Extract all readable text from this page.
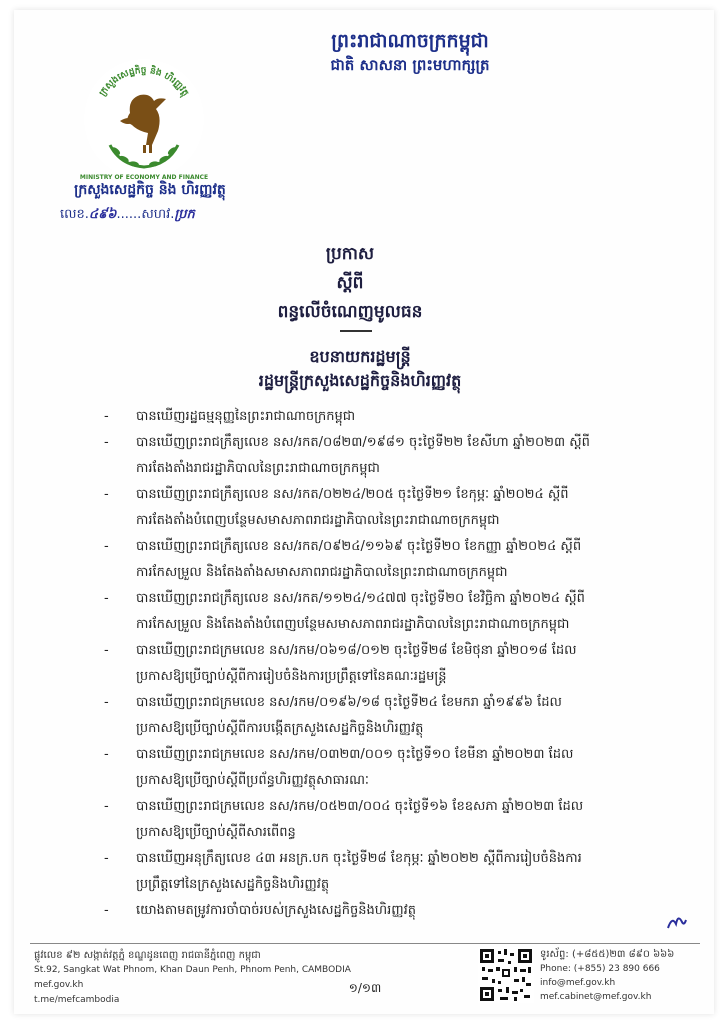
ព្រះរាជាណាចក្រកម្ពុជា
ជាតិ សាសនា ព្រះមហាក្សត្រ
ក្រសួងសេដ្ឋកិច្ច និង ហិរញ្ញវត្ថុ
MINISTRY OF ECONOMY AND FINANCE
ក្រសួងសេដ្ឋកិច្ច និង ហិរញ្ញវត្ថុ
លេខ.៤៩៦......សហវ.ប្រក
ប្រកាស
ស្តីពី
ពន្ធលើចំណេញមូលធន
ឧបនាយករដ្ឋមន្ត្រី
រដ្ឋមន្ត្រីក្រសួងសេដ្ឋកិច្ចនិងហិរញ្ញវត្ថុ
-	បានឃើញរដ្ឋធម្មនុញ្ញនៃព្រះរាជាណាចក្រកម្ពុជា
-	បានឃើញព្រះរាជក្រឹត្យលេខ នស/រកត/០៨២៣/១៩៨១ ចុះថ្ងៃទី២២ ខែសីហា ឆ្នាំ២០២៣ ស្តីពី
ការតែងតាំងរាជរដ្ឋាភិបាលនៃព្រះរាជាណាចក្រកម្ពុជា
-	បានឃើញព្រះរាជក្រឹត្យលេខ នស/រកត/០២២៤/២០៥ ចុះថ្ងៃទី២១ ខែកុម្ភៈ ឆ្នាំ២០២៤ ស្តីពី
ការតែងតាំងបំពេញបន្ថែមសមាសភាពរាជរដ្ឋាភិបាលនៃព្រះរាជាណាចក្រកម្ពុជា
-	បានឃើញព្រះរាជក្រឹត្យលេខ នស/រកត/០៩២៤/១១៦៩ ចុះថ្ងៃទី២០ ខែកញ្ញា ឆ្នាំ២០២៤ ស្តីពី
ការកែសម្រួល និងតែងតាំងសមាសភាពរាជរដ្ឋាភិបាលនៃព្រះរាជាណាចក្រកម្ពុជា
-	បានឃើញព្រះរាជក្រឹត្យលេខ នស/រកត/១១២៤/១៤៧៧ ចុះថ្ងៃទី២០ ខែវិច្ឆិកា ឆ្នាំ២០២៤ ស្តីពី
ការកែសម្រួល និងតែងតាំងបំពេញបន្ថែមសមាសភាពរាជរដ្ឋាភិបាលនៃព្រះរាជាណាចក្រកម្ពុជា
-	បានឃើញព្រះរាជក្រមលេខ នស/រកម/០៦១៨/០១២ ចុះថ្ងៃទី២៨ ខែមិថុនា ឆ្នាំ២០១៨ ដែល
ប្រកាសឱ្យប្រើច្បាប់ស្តីពីការរៀបចំនិងការប្រព្រឹត្តទៅនៃគណៈរដ្ឋមន្ត្រី
-	បានឃើញព្រះរាជក្រមលេខ នស/រកម/០១៩៦/១៨ ចុះថ្ងៃទី២៤ ខែមករា ឆ្នាំ១៩៩៦ ដែល
ប្រកាសឱ្យប្រើច្បាប់ស្តីពីការបង្កើតក្រសួងសេដ្ឋកិច្ចនិងហិរញ្ញវត្ថុ
-	បានឃើញព្រះរាជក្រមលេខ នស/រកម/០៣២៣/០០១ ចុះថ្ងៃទី១០ ខែមីនា ឆ្នាំ២០២៣ ដែល
ប្រកាសឱ្យប្រើច្បាប់ស្តីពីប្រព័ន្ធហិរញ្ញវត្ថុសាធារណៈ
-	បានឃើញព្រះរាជក្រមលេខ នស/រកម/០៥២៣/០០៤ ចុះថ្ងៃទី១៦ ខែឧសភា ឆ្នាំ២០២៣ ដែល
ប្រកាសឱ្យប្រើច្បាប់ស្តីពីសារពើពន្ធ
-	បានឃើញអនុក្រឹត្យលេខ ៤៣ អនក្រ.បក ចុះថ្ងៃទី២៨ ខែកុម្ភៈ ឆ្នាំ២០២២ ស្តីពីការរៀបចំនិងការ
ប្រព្រឹត្តទៅនៃក្រសួងសេដ្ឋកិច្ចនិងហិរញ្ញវត្ថុ
-	យោងតាមតម្រូវការចាំបាច់របស់ក្រសួងសេដ្ឋកិច្ចនិងហិរញ្ញវត្ថុ
ផ្លូវលេខ ៩២ សង្កាត់វត្តភ្នំ ខណ្ឌដូនពេញ រាជធានីភ្នំពេញ កម្ពុជា
St.92, Sangkat Wat Phnom, Khan Daun Penh, Phnom Penh, CAMBODIA
mef.gov.kh
t.me/mefcambodia
១/១៣
ទូរស័ព្ទ: (+៨៥៥)២៣ ៨៩០ ៦៦៦
Phone: (+855) 23 890 666
info@mef.gov.kh
mef.cabinet@mef.gov.kh
